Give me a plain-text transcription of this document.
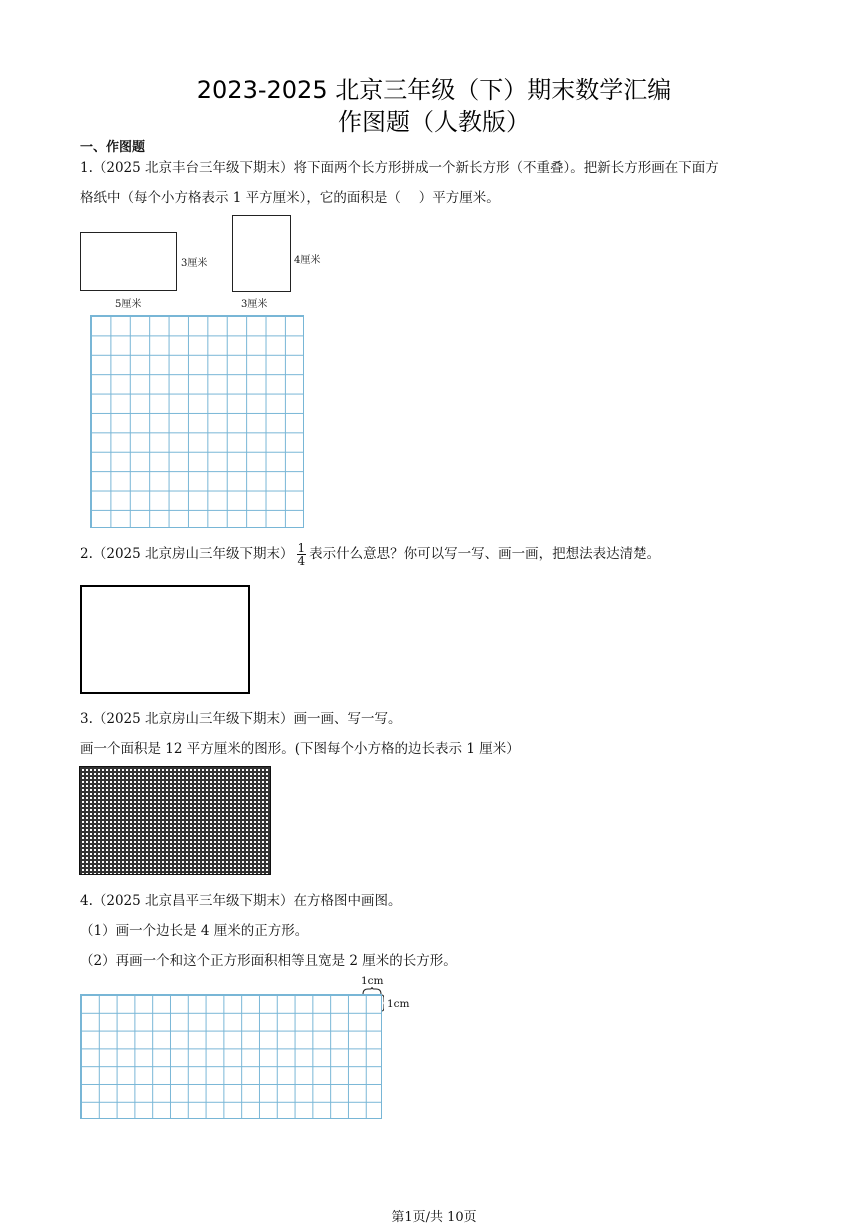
2023-2025 北京三年级（下）期末数学汇编
作图题（人教版）
一、作图题
1.（2025 北京丰台三年级下期末）将下面两个长方形拼成一个新长方形（不重叠）。把新长方形画在下面方
格纸中（每个小方格表示 1 平方厘米），它的面积是（　 ）平方厘米。
3厘米
5厘米
4厘米
3厘米
2.（2025 北京房山三年级下期末） $\frac{1}{4}$ 表示什么意思？你可以写一写、画一画，把想法表达清楚。
3.（2025 北京房山三年级下期末）画一画、写一写。
画一个面积是 12 平方厘米的图形。(下图每个小方格的边长表示 1 厘米）
4.（2025 北京昌平三年级下期末）在方格图中画图。
（1）画一个边长是 4 厘米的正方形。
（2）再画一个和这个正方形面积相等且宽是 2 厘米的长方形。
1cm
1cm
第1页/共 10页
